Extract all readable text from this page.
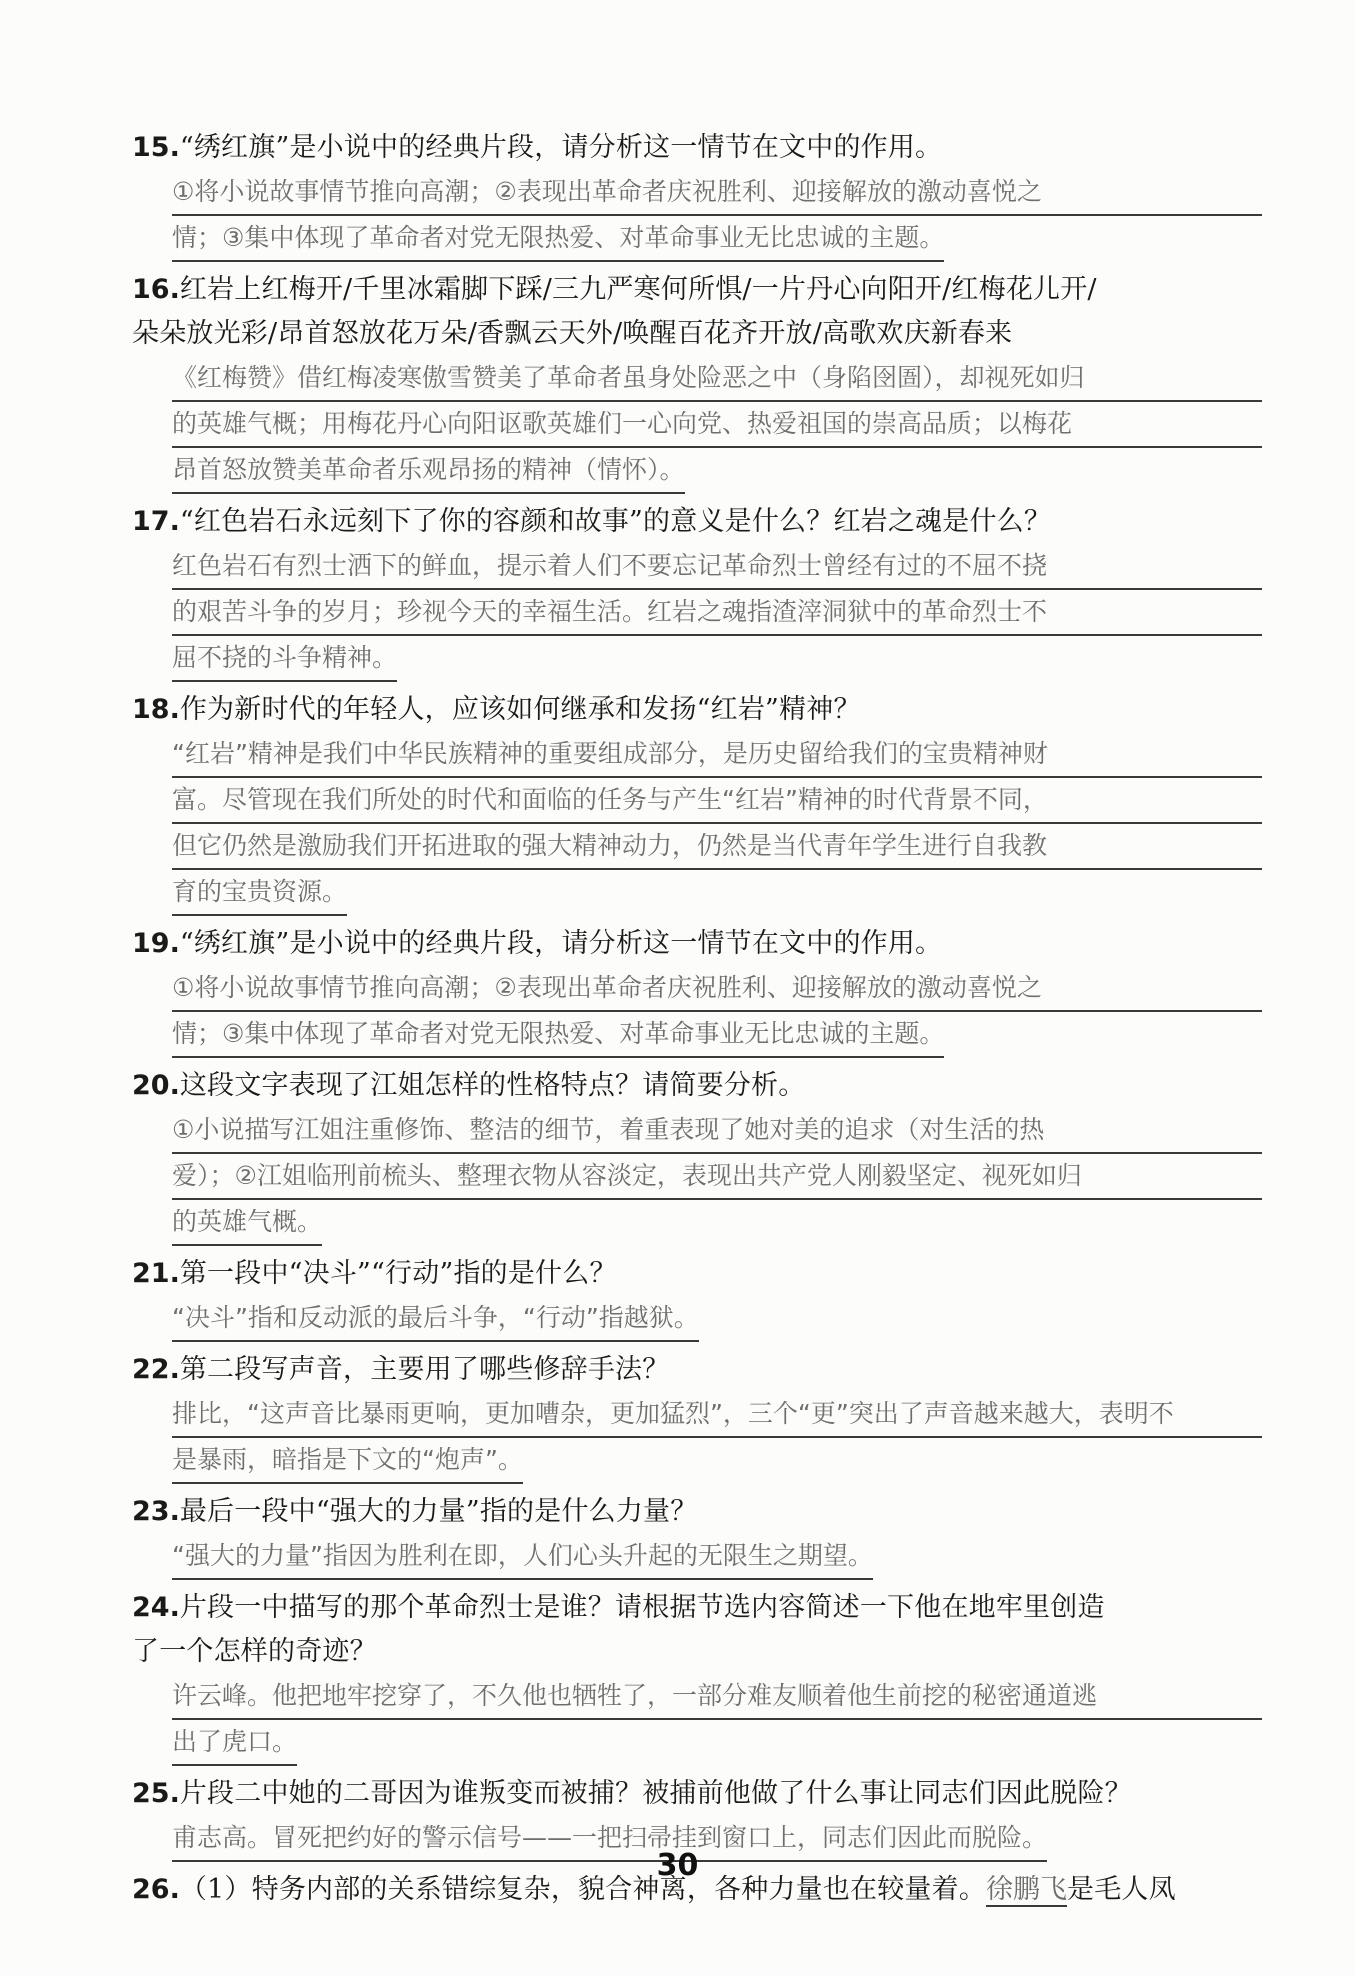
15.“绣红旗”是小说中的经典片段，请分析这一情节在文中的作用。
①将小说故事情节推向高潮；②表现出革命者庆祝胜利、迎接解放的激动喜悦之
情；③集中体现了革命者对党无限热爱、对革命事业无比忠诚的主题。
16.红岩上红梅开/千里冰霜脚下踩/三九严寒何所惧/一片丹心向阳开/红梅花儿开/
朵朵放光彩/昂首怒放花万朵/香飘云天外/唤醒百花齐开放/高歌欢庆新春来
《红梅赞》借红梅凌寒傲雪赞美了革命者虽身处险恶之中（身陷囹圄），却视死如归
的英雄气概；用梅花丹心向阳讴歌英雄们一心向党、热爱祖国的崇高品质；以梅花
昂首怒放赞美革命者乐观昂扬的精神（情怀）。
17.“红色岩石永远刻下了你的容颜和故事”的意义是什么？红岩之魂是什么？
红色岩石有烈士洒下的鲜血，提示着人们不要忘记革命烈士曾经有过的不屈不挠
的艰苦斗争的岁月；珍视今天的幸福生活。红岩之魂指渣滓洞狱中的革命烈士不
屈不挠的斗争精神。
18.作为新时代的年轻人，应该如何继承和发扬“红岩”精神？
“红岩”精神是我们中华民族精神的重要组成部分，是历史留给我们的宝贵精神财
富。尽管现在我们所处的时代和面临的任务与产生“红岩”精神的时代背景不同，
但它仍然是激励我们开拓进取的强大精神动力，仍然是当代青年学生进行自我教
育的宝贵资源。
19.“绣红旗”是小说中的经典片段，请分析这一情节在文中的作用。
①将小说故事情节推向高潮；②表现出革命者庆祝胜利、迎接解放的激动喜悦之
情；③集中体现了革命者对党无限热爱、对革命事业无比忠诚的主题。
20.这段文字表现了江姐怎样的性格特点？请简要分析。
①小说描写江姐注重修饰、整洁的细节，着重表现了她对美的追求（对生活的热
爱）；②江姐临刑前梳头、整理衣物从容淡定，表现出共产党人刚毅坚定、视死如归
的英雄气概。
21.第一段中“决斗”“行动”指的是什么？
“决斗”指和反动派的最后斗争，“行动”指越狱。
22.第二段写声音，主要用了哪些修辞手法？
排比，“这声音比暴雨更响，更加嘈杂，更加猛烈”，三个“更”突出了声音越来越大，表明不
是暴雨，暗指是下文的“炮声”。
23.最后一段中“强大的力量”指的是什么力量？
“强大的力量”指因为胜利在即，人们心头升起的无限生之期望。
24.片段一中描写的那个革命烈士是谁？请根据节选内容简述一下他在地牢里创造
了一个怎样的奇迹？
许云峰。他把地牢挖穿了，不久他也牺牲了，一部分难友顺着他生前挖的秘密通道逃
出了虎口。
25.片段二中她的二哥因为谁叛变而被捕？被捕前他做了什么事让同志们因此脱险？
甫志高。冒死把约好的警示信号——一把扫帚挂到窗口上，同志们因此而脱险。
26.（1）特务内部的关系错综复杂，貌合神离，各种力量也在较量着。徐鹏飞是毛人凤
30
